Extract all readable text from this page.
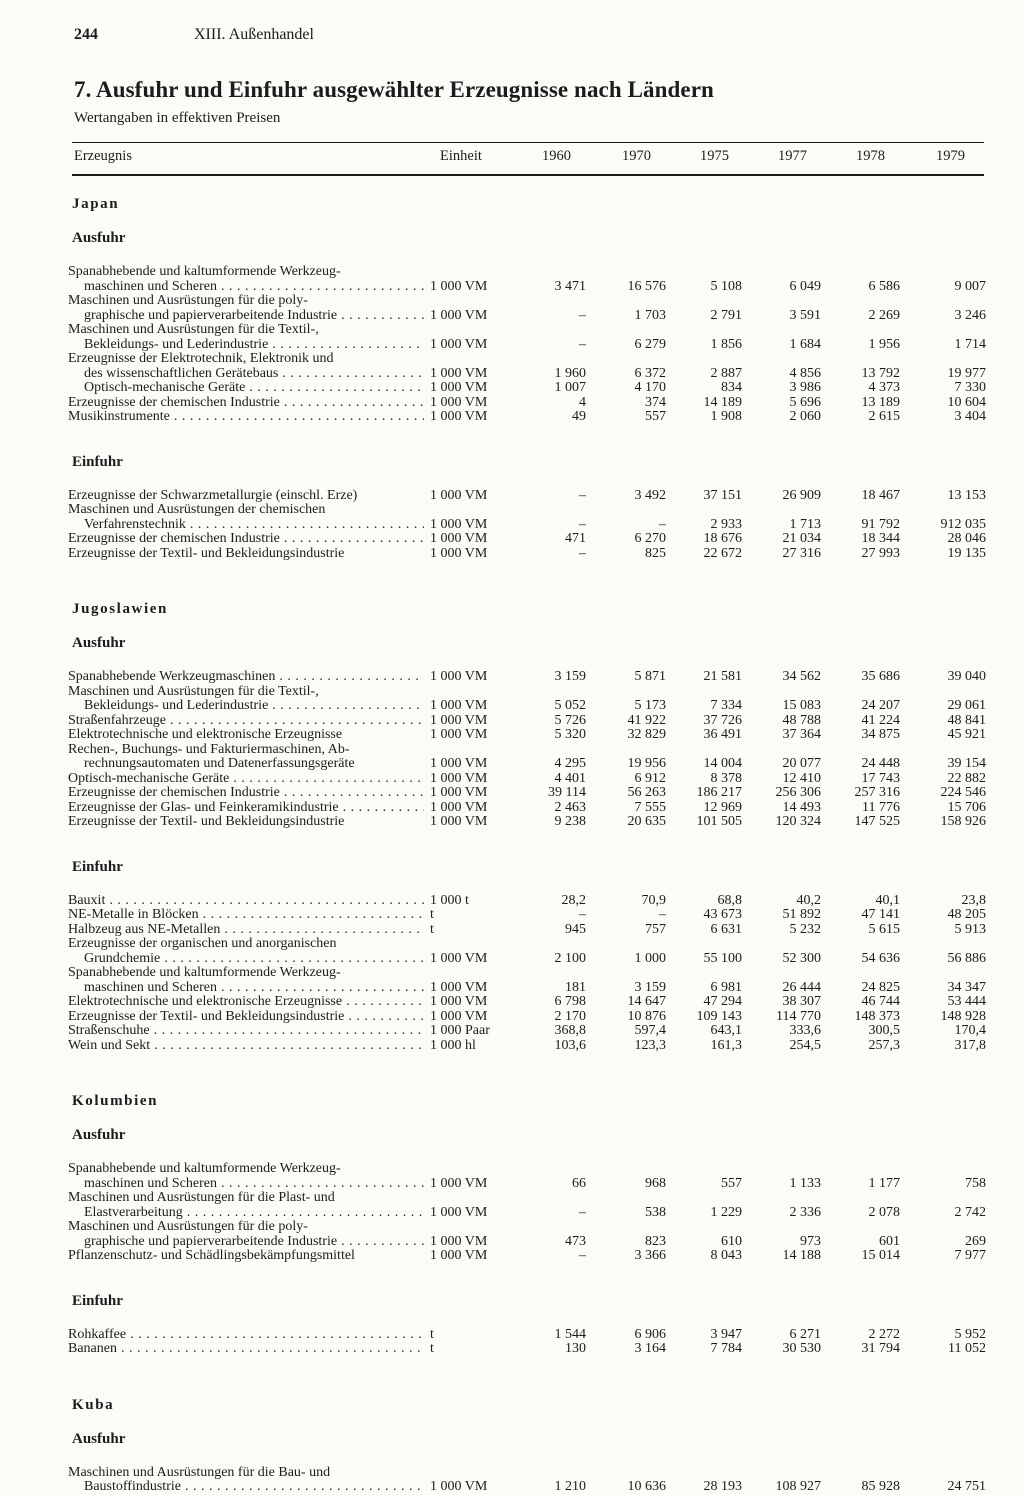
244	XIII. Außenhandel
7. Ausfuhr und Einfuhr ausgewählter Erzeugnisse nach Ländern
Wertangaben in effektiven Preisen
Erzeugnis	Einheit	1960	1970	1975	1977	1978	1979
Japan
Ausfuhr
Spanabhebende und kaltumformende Werkzeug-
maschinen und Scheren . . .	1 000 VM	3 471	16 576	5 108	6 049	6 586	9 007
Maschinen und Ausrüstungen für die poly-
graphische und papierverarbeitende Industrie . . .	1 000 VM	–	1 703	2 791	3 591	2 269	3 246
Maschinen und Ausrüstungen für die Textil-,
Bekleidungs- und Lederindustrie . . .	1 000 VM	–	6 279	1 856	1 684	1 956	1 714
Erzeugnisse der Elektrotechnik, Elektronik und
des wissenschaftlichen Gerätebaus . . .	1 000 VM	1 960	6 372	2 887	4 856	13 792	19 977
Optisch-mechanische Geräte . . .	1 000 VM	1 007	4 170	834	3 986	4 373	7 330
Erzeugnisse der chemischen Industrie . . .	1 000 VM	4	374	14 189	5 696	13 189	10 604
Musikinstrumente . . .	1 000 VM	49	557	1 908	2 060	2 615	3 404
Einfuhr
Erzeugnisse der Schwarzmetallurgie (einschl. Erze)	1 000 VM	–	3 492	37 151	26 909	18 467	13 153
Maschinen und Ausrüstungen der chemischen
Verfahrenstechnik . . .	1 000 VM	–	–	2 933	1 713	91 792	912 035
Erzeugnisse der chemischen Industrie . . .	1 000 VM	471	6 270	18 676	21 034	18 344	28 046
Erzeugnisse der Textil- und Bekleidungsindustrie	1 000 VM	–	825	22 672	27 316	27 993	19 135
Jugoslawien
Ausfuhr
Spanabhebende Werkzeugmaschinen . . .	1 000 VM	3 159	5 871	21 581	34 562	35 686	39 040
Maschinen und Ausrüstungen für die Textil-,
Bekleidungs- und Lederindustrie . . .	1 000 VM	5 052	5 173	7 334	15 083	24 207	29 061
Straßenfahrzeuge . . .	1 000 VM	5 726	41 922	37 726	48 788	41 224	48 841
Elektrotechnische und elektronische Erzeugnisse	1 000 VM	5 320	32 829	36 491	37 364	34 875	45 921
Rechen-, Buchungs- und Fakturiermaschinen, Ab-
rechnungsautomaten und Datenerfassungsgeräte	1 000 VM	4 295	19 956	14 004	20 077	24 448	39 154
Optisch-mechanische Geräte . . .	1 000 VM	4 401	6 912	8 378	12 410	17 743	22 882
Erzeugnisse der chemischen Industrie . . .	1 000 VM	39 114	56 263	186 217	256 306	257 316	224 546
Erzeugnisse der Glas- und Feinkeramikindustrie . . .	1 000 VM	2 463	7 555	12 969	14 493	11 776	15 706
Erzeugnisse der Textil- und Bekleidungsindustrie	1 000 VM	9 238	20 635	101 505	120 324	147 525	158 926
Einfuhr
Bauxit . . .	1 000 t	28,2	70,9	68,8	40,2	40,1	23,8
NE-Metalle in Blöcken . . .	t	–	–	43 673	51 892	47 141	48 205
Halbzeug aus NE-Metallen . . .	t	945	757	6 631	5 232	5 615	5 913
Erzeugnisse der organischen und anorganischen
Grundchemie . . .	1 000 VM	2 100	1 000	55 100	52 300	54 636	56 886
Spanabhebende und kaltumformende Werkzeug-
maschinen und Scheren . . .	1 000 VM	181	3 159	6 981	26 444	24 825	34 347
Elektrotechnische und elektronische Erzeugnisse . . .	1 000 VM	6 798	14 647	47 294	38 307	46 744	53 444
Erzeugnisse der Textil- und Bekleidungsindustrie . . .	1 000 VM	2 170	10 876	109 143	114 770	148 373	148 928
Straßenschuhe . . .	1 000 Paar	368,8	597,4	643,1	333,6	300,5	170,4
Wein und Sekt . . .	1 000 hl	103,6	123,3	161,3	254,5	257,3	317,8
Kolumbien
Ausfuhr
Spanabhebende und kaltumformende Werkzeug-
maschinen und Scheren . . .	1 000 VM	66	968	557	1 133	1 177	758
Maschinen und Ausrüstungen für die Plast- und
Elastverarbeitung . . .	1 000 VM	–	538	1 229	2 336	2 078	2 742
Maschinen und Ausrüstungen für die poly-
graphische und papierverarbeitende Industrie . . .	1 000 VM	473	823	610	973	601	269
Pflanzenschutz- und Schädlingsbekämpfungsmittel	1 000 VM	–	3 366	8 043	14 188	15 014	7 977
Einfuhr
Rohkaffee . . .	t	1 544	6 906	3 947	6 271	2 272	5 952
Bananen . . .	t	130	3 164	7 784	30 530	31 794	11 052
Kuba
Ausfuhr
Maschinen und Ausrüstungen für die Bau- und
Baustoffindustrie . . .	1 000 VM	1 210	10 636	28 193	108 927	85 928	24 751
